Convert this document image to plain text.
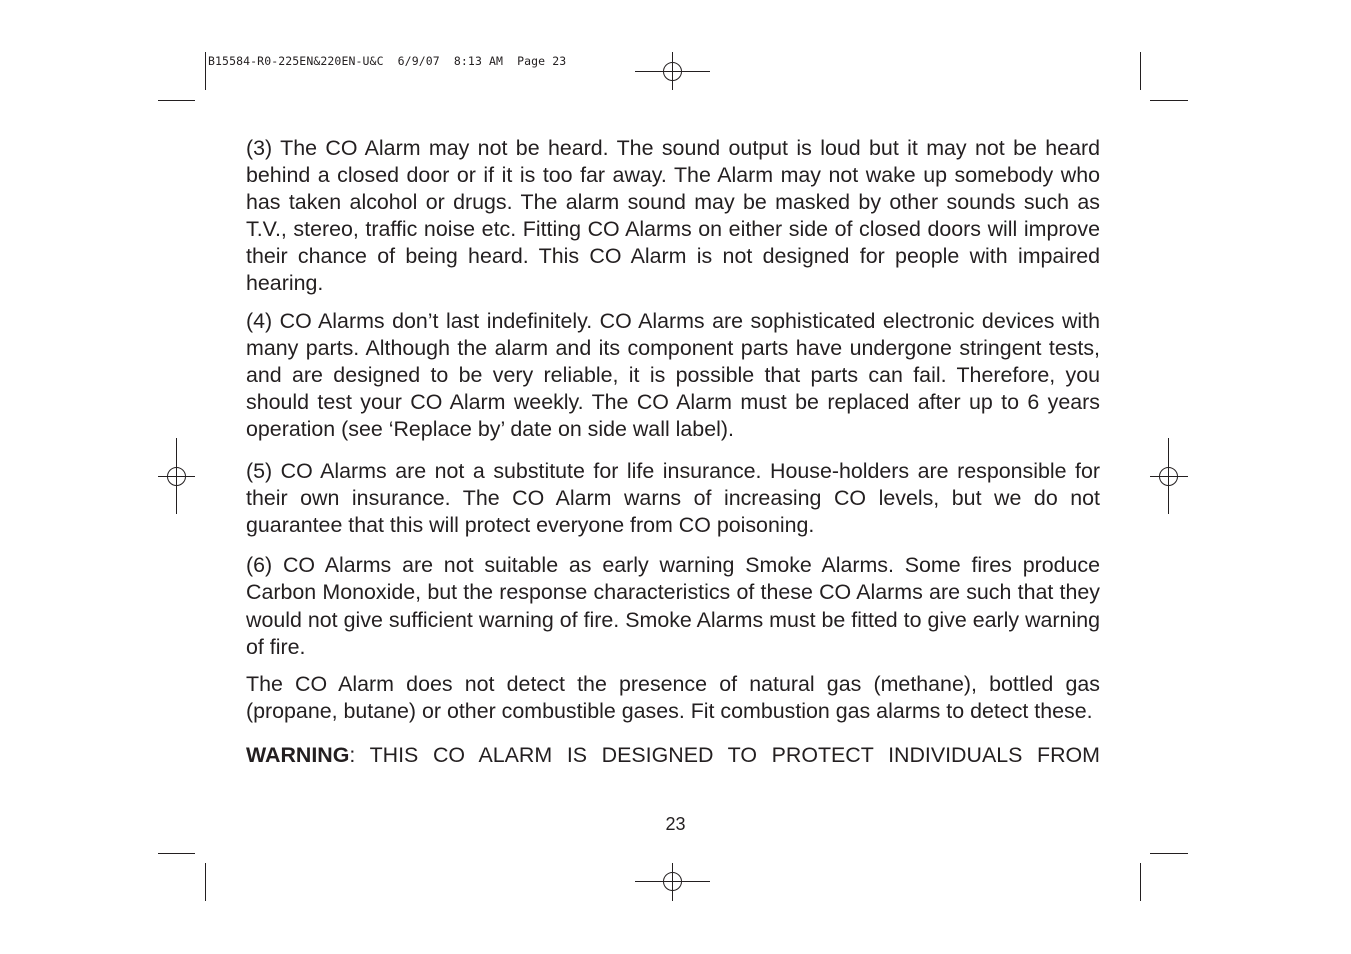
B15584-R0-225EN&220EN-U&C 6/9/07 8:13 AM Page 23

(3) The CO Alarm may not be heard. The sound output is loud but it may not be heard behind a closed door or if it is too far away. The Alarm may not wake up somebody who has taken alcohol or drugs. The alarm sound may be masked by other sounds such as T.V., stereo, traffic noise etc. Fitting CO Alarms on either side of closed doors will improve their chance of being heard. This CO Alarm is not designed for people with impaired hearing.

(4) CO Alarms don’t last indefinitely. CO Alarms are sophisticated electronic devices with many parts. Although the alarm and its component parts have undergone stringent tests, and are designed to be very reliable, it is possible that parts can fail. Therefore, you should test your CO Alarm weekly. The CO Alarm must be replaced after up to 6 years operation (see ‘Replace by’ date on side wall label).

(5) CO Alarms are not a substitute for life insurance. House-holders are responsible for their own insurance. The CO Alarm warns of increasing CO levels, but we do not guarantee that this will protect everyone from CO poisoning.

(6) CO Alarms are not suitable as early warning Smoke Alarms. Some fires produce Carbon Monoxide, but the response characteristics of these CO Alarms are such that they would not give sufficient warning of fire. Smoke Alarms must be fitted to give early warning of fire.

The CO Alarm does not detect the presence of natural gas (methane), bottled gas (propane, butane) or other combustible gases. Fit combustion gas alarms to detect these.

WARNING: THIS CO ALARM IS DESIGNED TO PROTECT INDIVIDUALS FROM

23
